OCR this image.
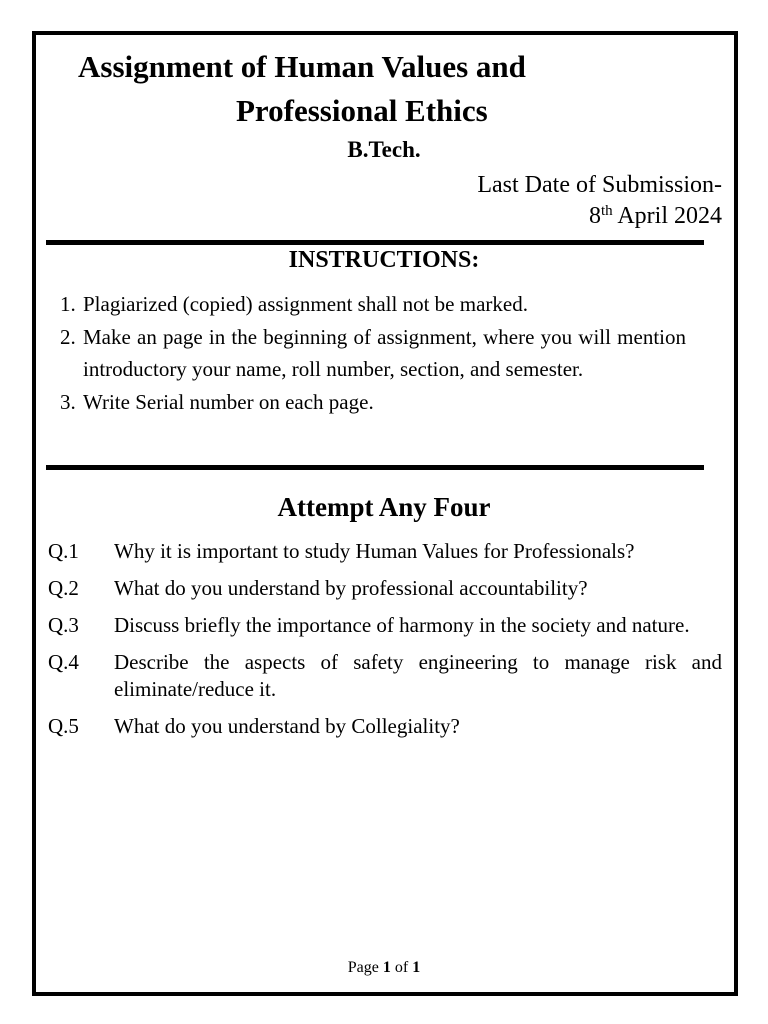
Assignment of Human Values and
Professional Ethics
B.Tech.
Last Date of Submission-
8th April 2024
INSTRUCTIONS:
1. Plagiarized (copied) assignment shall not be marked.
2. Make an page in the beginning of assignment, where you will mention introductory your name, roll number, section, and semester.
3. Write Serial number on each page.
Attempt Any Four
Q.1	Why it is important to study Human Values for Professionals?
Q.2	What do you understand by professional accountability?
Q.3	Discuss briefly the importance of harmony in the society and nature.
Q.4	Describe the aspects of safety engineering to manage risk and eliminate/reduce it.
Q.5	What do you understand by Collegiality?
Page 1 of 1
